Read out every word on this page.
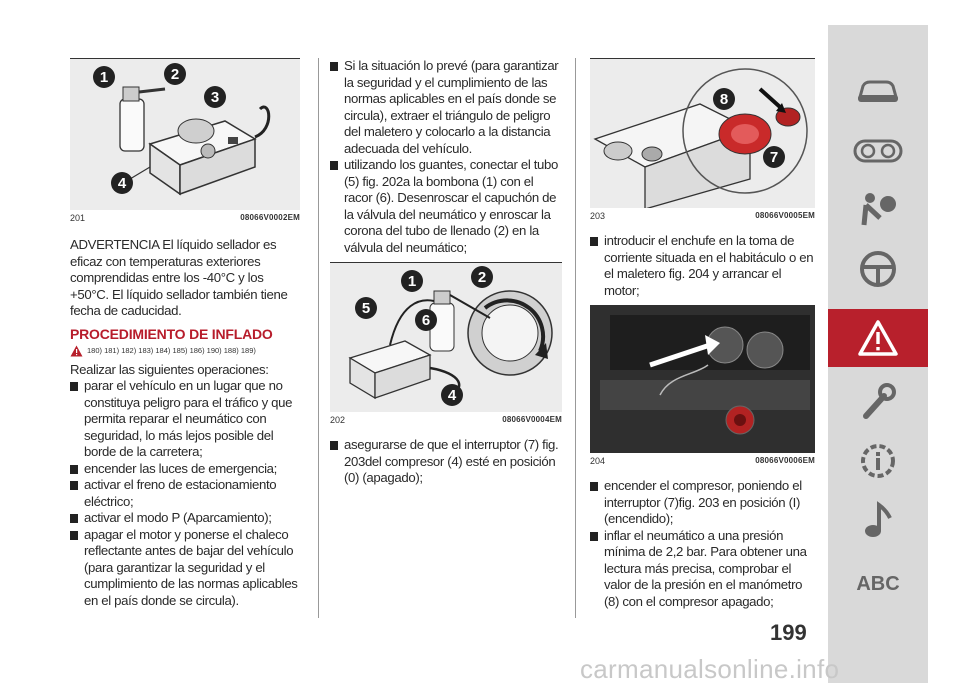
1	2
3
4
201	08066V0002EM

ADVERTENCIA El líquido sellador es eficaz con temperaturas exteriores comprendidas entre los -40°C y los +50°C. El líquido sellador también tiene fecha de caducidad.

PROCEDIMIENTO DE INFLADO
180) 181) 182) 183) 184) 185) 186) 190) 188) 189)

Realizar las siguientes operaciones:

parar el vehículo en un lugar que no constituya peligro para el tráfico y que permita reparar el neumático con seguridad, lo más lejos posible del borde de la carretera;

encender las luces de emergencia;

activar el freno de estacionamiento eléctrico;

activar el modo P (Aparcamiento);

apagar el motor y ponerse el chaleco reflectante antes de bajar del vehículo (para garantizar la seguridad y el cumplimiento de las normas aplicables en el país donde se circula).

Si la situación lo prevé (para garantizar la seguridad y el cumplimiento de las normas aplicables en el país donde se circula), extraer el triángulo de peligro del maletero y colocarlo a la distancia adecuada del vehículo.

utilizando los guantes, conectar el tubo (5) fig. 202a la bombona (1) con el racor (6). Desenroscar el capuchón de la válvula del neumático y enroscar la corona del tubo de llenado (2) en la válvula del neumático;

1	2
5
6
4
202	08066V0004EM

asegurarse de que el interruptor (7) fig. 203del compresor (4) esté en posición (0) (apagado);

8
7
203	08066V0005EM

introducir el enchufe en la toma de corriente situada en el habitáculo o en el maletero fig. 204 y arrancar el motor;

204	08066V0006EM

encender el compresor, poniendo el interruptor (7)fig. 203 en posición (I) (encendido);

inflar el neumático a una presión mínima de 2,2 bar. Para obtener una lectura más precisa, comprobar el valor de la presión en el manómetro (8) con el compresor apagado;

199
ABC
carmanualsonline.info
